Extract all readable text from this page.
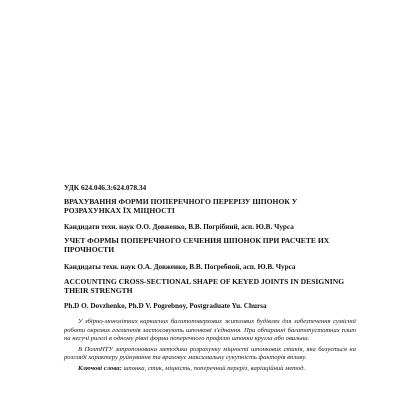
УДК 624.046.3:624.078.34
ВРАХУВАННЯ ФОРМИ ПОПЕРЕЧНОГО ПЕРЕРІЗУ ШПОНОК У РОЗРАХУНКАХ ЇХ МІЦНОСТІ
Кандидати техн. наук О.О. Довженко, В.В. Погрібний, асп. Ю.В. Чурса
УЧЕТ ФОРМЫ ПОПЕРЕЧНОГО СЕЧЕНИЯ ШПОНОК ПРИ РАСЧЕТЕ ИХ ПРОЧНОСТИ
Кандидаты техн. наук О.А. Довженко, В.В. Погребной, асп. Ю.В. Чурса
ACCOUNTING CROSS-SECTIONAL SHAPE OF KEYED JOINTS IN DESIGNING THEIR STRENGTH
Ph.D O. Dovzhenko, Ph.D V. Pogrebnoy, Postgraduate Yu. Chursa

У збірно-монолітних каркасних багатоповерхових житлових будівлях для забезпечення сумісної роботи окремих елементів застосовують шпонкові з'єднання. При обпиранні багатопустотних плит на несучі ригелі в одному рівні форма поперечного профілю шпонки кругла або овальна.

В ПолтНТУ запропонована методика розрахунку міцності шпонкових стиків, яка базується на розгляді характеру руйнування та враховує максимальну сукупність факторів впливу.

Ключові слова: шпонка, стик, міцність, поперечний переріз, варіаційний метод.
